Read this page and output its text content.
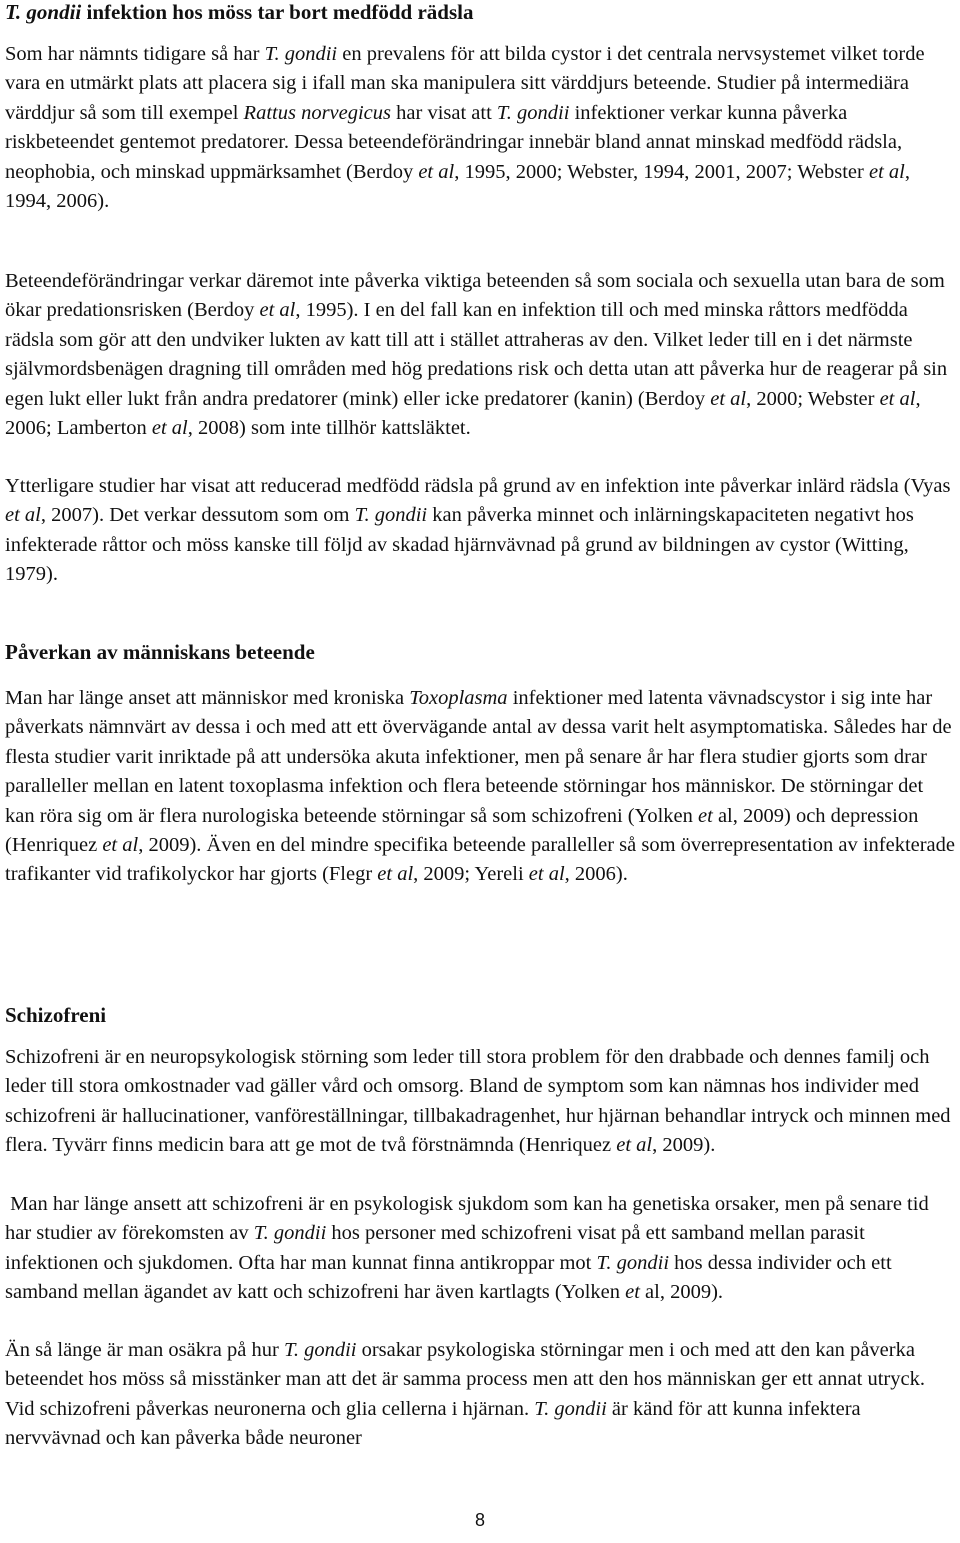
T. gondii infektion hos möss tar bort medfödd rädsla

Som har nämnts tidigare så har T. gondii en prevalens för att bilda cystor i det centrala nervsystemet vilket torde vara en utmärkt plats att placera sig i ifall man ska manipulera sitt värddjurs beteende. Studier på intermediära värddjur så som till exempel Rattus norvegicus har visat att T. gondii infektioner verkar kunna påverka riskbeteendet gentemot predatorer. Dessa beteendeförändringar innebär bland annat minskad medfödd rädsla, neophobia, och minskad uppmärksamhet (Berdoy et al, 1995, 2000; Webster, 1994, 2001, 2007; Webster et al, 1994, 2006).

Beteendeförändringar verkar däremot inte påverka viktiga beteenden så som sociala och sexuella utan bara de som ökar predationsrisken (Berdoy et al, 1995). I en del fall kan en infektion till och med minska råttors medfödda rädsla som gör att den undviker lukten av katt till att i stället attraheras av den. Vilket leder till en i det närmste självmordsbenägen dragning till områden med hög predations risk och detta utan att påverka hur de reagerar på sin egen lukt eller lukt från andra predatorer (mink) eller icke predatorer (kanin) (Berdoy et al, 2000; Webster et al, 2006; Lamberton et al, 2008) som inte tillhör kattsläktet.

Ytterligare studier har visat att reducerad medfödd rädsla på grund av en infektion inte påverkar inlärd rädsla (Vyas et al, 2007). Det verkar dessutom som om T. gondii kan påverka minnet och inlärningskapaciteten negativt hos infekterade råttor och möss kanske till följd av skadad hjärnvävnad på grund av bildningen av cystor (Witting, 1979).

Påverkan av människans beteende

Man har länge anset att människor med kroniska Toxoplasma infektioner med latenta vävnadscystor i sig inte har påverkats nämnvärt av dessa i och med att ett övervägande antal av dessa varit helt asymptomatiska. Således har de flesta studier varit inriktade på att undersöka akuta infektioner, men på senare år har flera studier gjorts som drar paralleller mellan en latent toxoplasma infektion och flera beteende störningar hos människor. De störningar det kan röra sig om är flera nurologiska beteende störningar så som schizofreni (Yolken et al, 2009) och depression (Henriquez et al, 2009). Även en del mindre specifika beteende paralleller så som överrepresentation av infekterade trafikanter vid trafikolyckor har gjorts (Flegr et al, 2009; Yereli et al, 2006).

Schizofreni

Schizofreni är en neuropsykologisk störning som leder till stora problem för den drabbade och dennes familj och leder till stora omkostnader vad gäller vård och omsorg. Bland de symptom som kan nämnas hos individer med schizofreni är hallucinationer, vanföreställningar, tillbakadragenhet, hur hjärnan behandlar intryck och minnen med flera. Tyvärr finns medicin bara att ge mot de två förstnämnda (Henriquez et al, 2009).

Man har länge ansett att schizofreni är en psykologisk sjukdom som kan ha genetiska orsaker, men på senare tid har studier av förekomsten av T. gondii hos personer med schizofreni visat på ett samband mellan parasit infektionen och sjukdomen. Ofta har man kunnat finna antikroppar mot T. gondii hos dessa individer och ett samband mellan ägandet av katt och schizofreni har även kartlagts (Yolken et al, 2009).

Än så länge är man osäkra på hur T. gondii orsakar psykologiska störningar men i och med att den kan påverka beteendet hos möss så misstänker man att det är samma process men att den hos människan ger ett annat utryck. Vid schizofreni påverkas neuronerna och glia cellerna i hjärnan. T. gondii är känd för att kunna infektera nervvävnad och kan påverka både neuroner

8
